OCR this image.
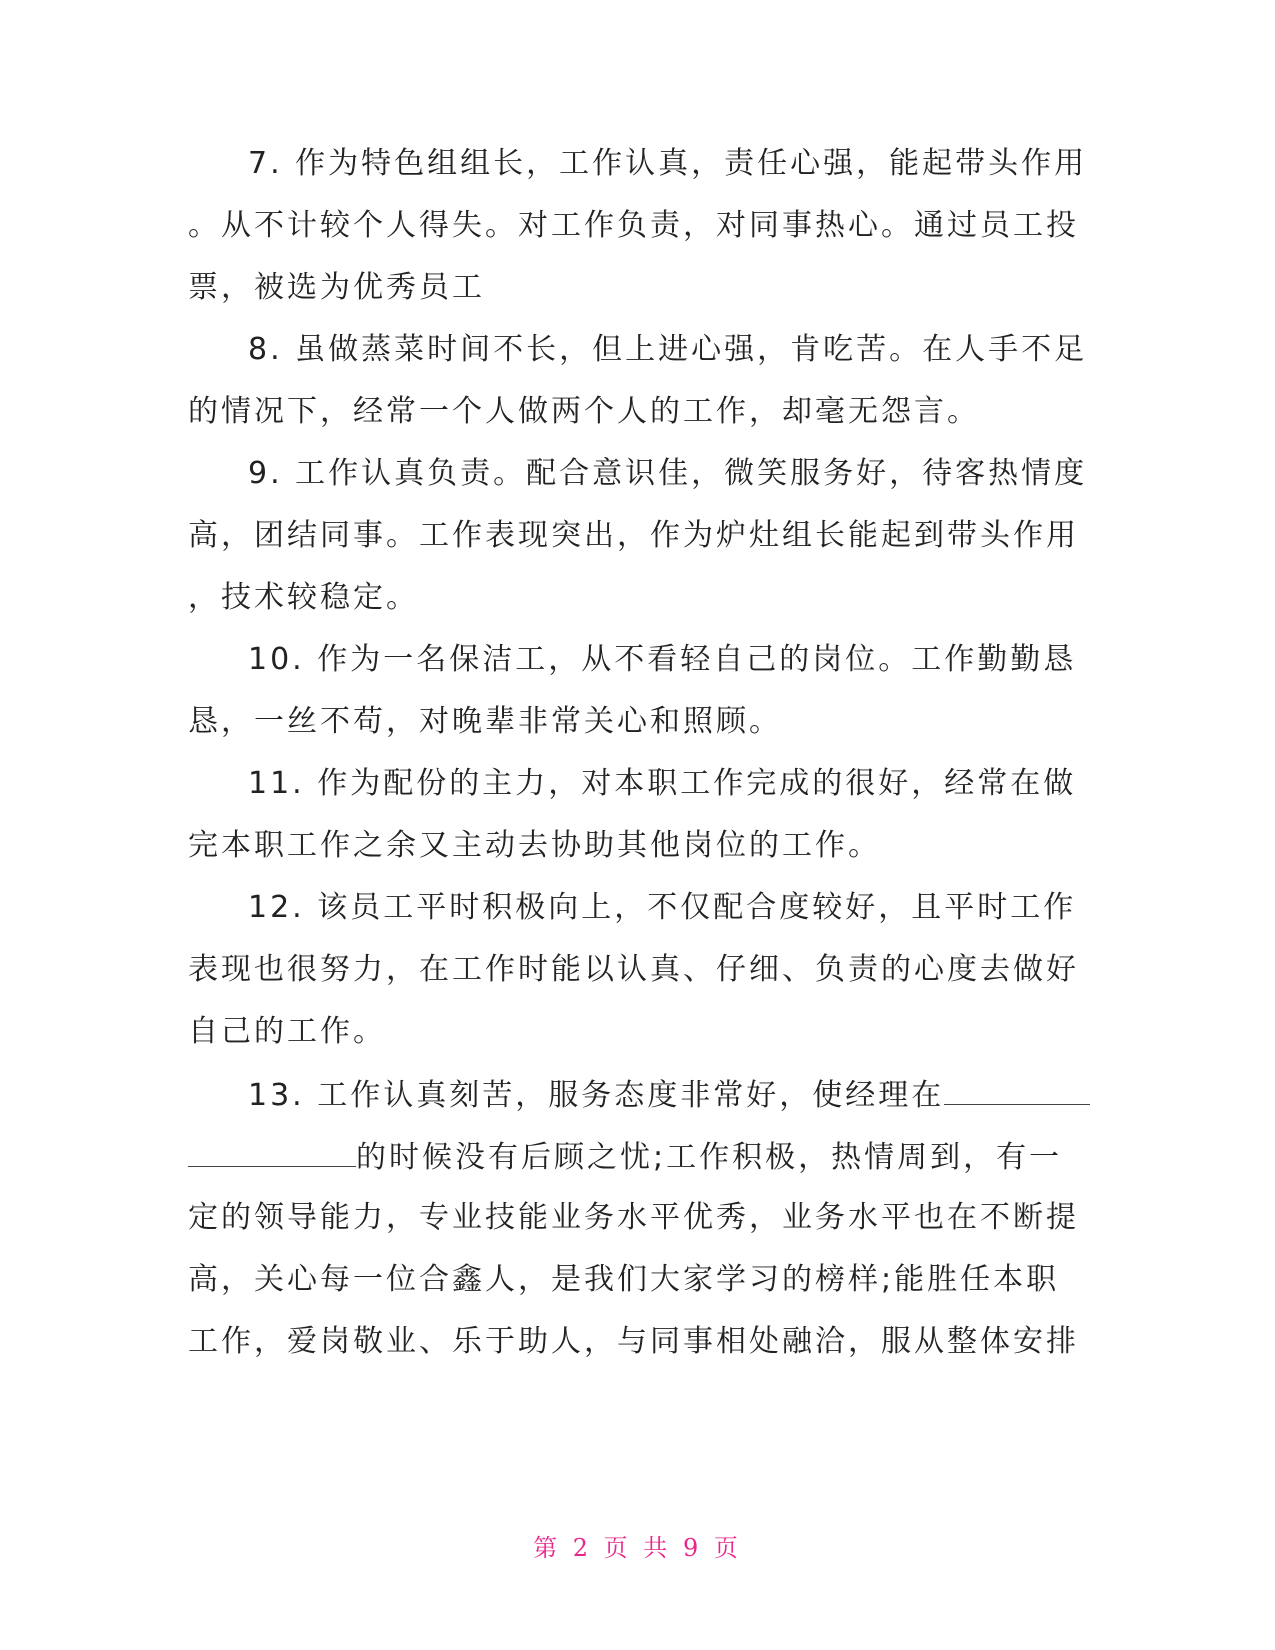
7. 作为特色组组长，工作认真，责任心强，能起带头作用
。从不计较个人得失。对工作负责，对同事热心。通过员工投
票，被选为优秀员工
8. 虽做蒸菜时间不长，但上进心强，肯吃苦。在人手不足
的情况下，经常一个人做两个人的工作，却毫无怨言。
9. 工作认真负责。配合意识佳，微笑服务好，待客热情度
高，团结同事。工作表现突出，作为炉灶组长能起到带头作用
，技术较稳定。
10. 作为一名保洁工，从不看轻自己的岗位。工作勤勤恳
恳，一丝不苟，对晚辈非常关心和照顾。
11. 作为配份的主力，对本职工作完成的很好，经常在做
完本职工作之余又主动去协助其他岗位的工作。
12. 该员工平时积极向上，不仅配合度较好，且平时工作
表现也很努力，在工作时能以认真、仔细、负责的心度去做好
自己的工作。
13. 工作认真刻苦，服务态度非常好，使经理在
的时候没有后顾之忧;工作积极，热情周到，有一
定的领导能力，专业技能业务水平优秀，业务水平也在不断提
高，关心每一位合鑫人，是我们大家学习的榜样;能胜任本职
工作，爱岗敬业、乐于助人，与同事相处融洽，服从整体安排
第 2 页 共 9 页
